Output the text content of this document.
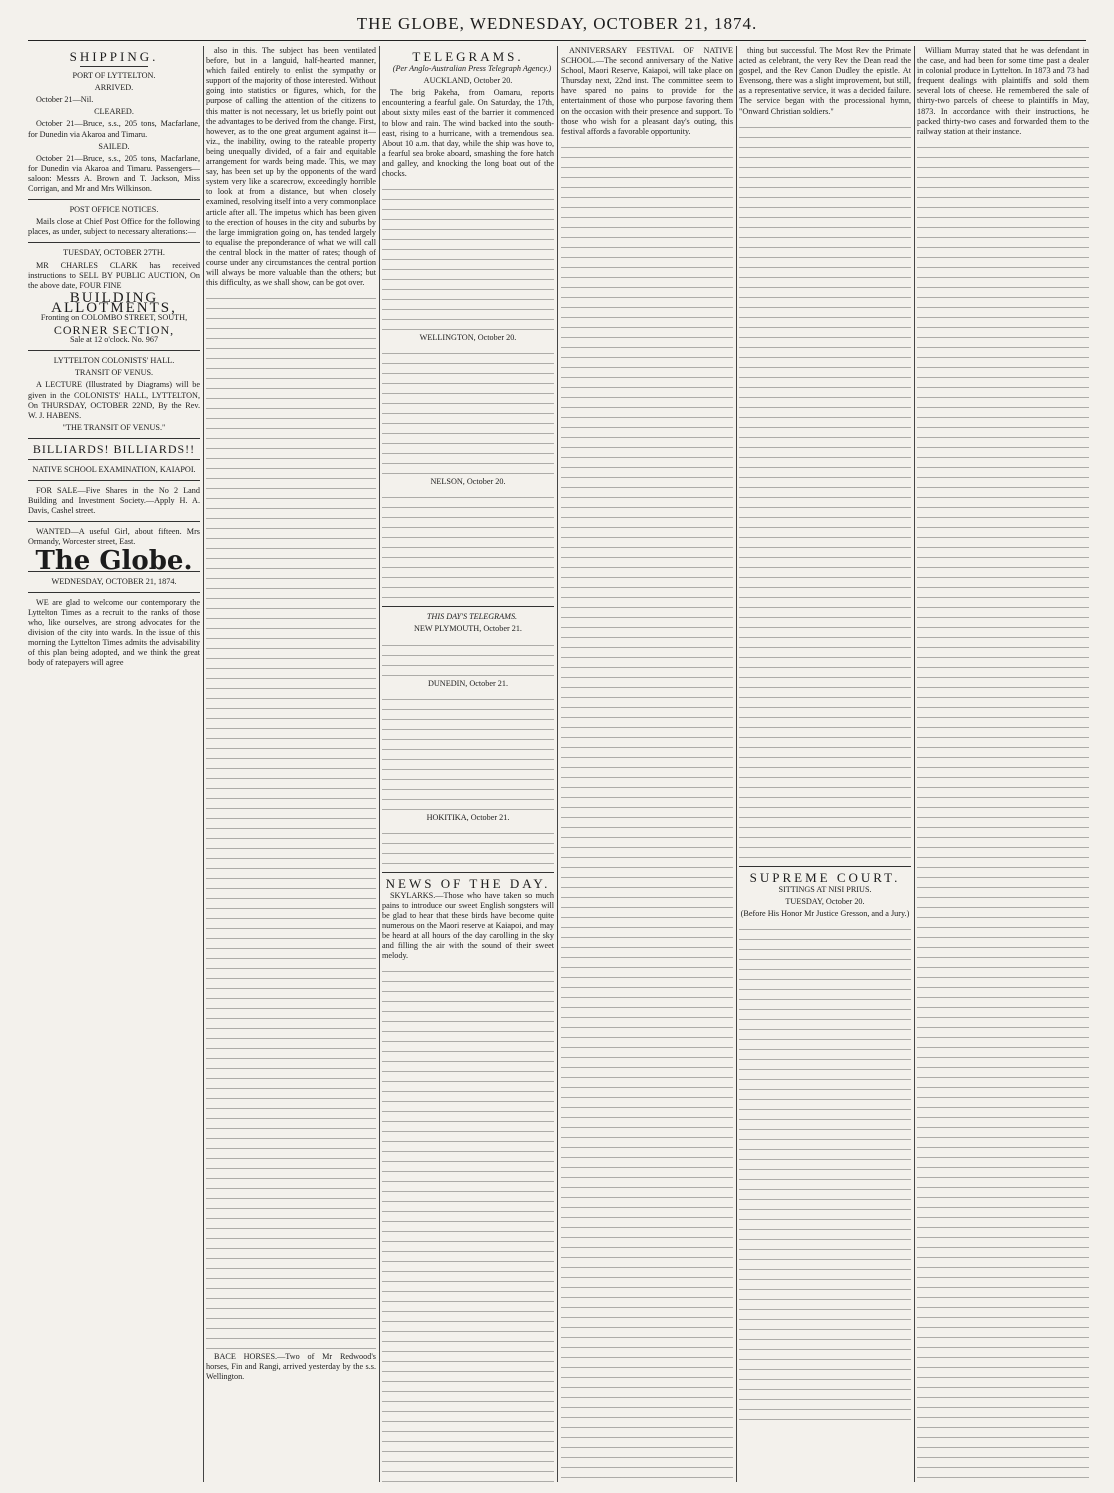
THE GLOBE, WEDNESDAY, OCTOBER 21, 1874.
SHIPPING.

PORT OF LYTTELTON.

ARRIVED.

October 21—Nil.

CLEARED.

October 21—Bruce, s.s., 205 tons, Macfarlane, for Dunedin via Akaroa and Timaru.

SAILED.

October 21—Bruce, s.s., 205 tons, Macfarlane, for Dunedin via Akaroa and Timaru. Passengers—saloon: Messrs A. Brown and T. Jackson, Miss Corrigan, and Mr and Mrs Wilkinson.

POST OFFICE NOTICES.

Mails close at Chief Post Office for the following places, as under, subject to necessary alterations:—

TUESDAY, OCTOBER 27TH.

MR CHARLES CLARK has received instructions to SELL BY PUBLIC AUCTION, On the above date, FOUR FINE

BUILDING ALLOTMENTS,

Fronting on COLOMBO STREET, SOUTH,

CORNER SECTION,

Sale at 12 o'clock. No. 967

LYTTELTON COLONISTS' HALL.

TRANSIT OF VENUS.

A LECTURE (Illustrated by Diagrams) will be given in the COLONISTS' HALL, LYTTELTON, On THURSDAY, OCTOBER 22ND, By the Rev. W. J. HABENS.

"THE TRANSIT OF VENUS."

BILLIARDS! BILLIARDS!!

NATIVE SCHOOL EXAMINATION, KAIAPOI.

FOR SALE—Five Shares in the No 2 Land Building and Investment Society.—Apply H. A. Davis, Cashel street.

WANTED—A useful Girl, about fifteen. Mrs Ormandy, Worcester street, East.

The Globe.

WEDNESDAY, OCTOBER 21, 1874.

WE are glad to welcome our contemporary the Lyttelton Times as a recruit to the ranks of those who, like ourselves, are strong advocates for the division of the city into wards. In the issue of this morning the Lyttelton Times admits the advisability of this plan being adopted, and we think the great body of ratepayers will agree

also in this. The subject has been ventilated before, but in a languid, half-hearted manner, which failed entirely to enlist the sympathy or support of the majority of those interested. Without going into statistics or figures, which, for the purpose of calling the attention of the citizens to this matter is not necessary, let us briefly point out the advantages to be derived from the change. First, however, as to the one great argument against it—viz., the inability, owing to the rateable property being unequally divided, of a fair and equitable arrangement for wards being made. This, we may say, has been set up by the opponents of the ward system very like a scarecrow, exceedingly horrible to look at from a distance, but when closely examined, resolving itself into a very commonplace article after all. The impetus which has been given to the erection of houses in the city and suburbs by the large immigration going on, has tended largely to equalise the preponderance of what we will call the central block in the matter of rates; though of course under any circumstances the central portion will always be more valuable than the others; but this difficulty, as we shall show, can be got over.

BACE HORSES.—Two of Mr Redwood's horses, Fin and Rangi, arrived yesterday by the s.s. Wellington.

TELEGRAMS.

(Per Anglo-Australian Press Telegraph Agency.)

AUCKLAND, October 20.

The brig Pakeha, from Oamaru, reports encountering a fearful gale. On Saturday, the 17th, about sixty miles east of the barrier it commenced to blow and rain. The wind backed into the south-east, rising to a hurricane, with a tremendous sea. About 10 a.m. that day, while the ship was hove to, a fearful sea broke aboard, smashing the fore hatch and galley, and knocking the long boat out of the chocks.

WELLINGTON, October 20.

NELSON, October 20.

THIS DAY'S TELEGRAMS.

NEW PLYMOUTH, October 21.

DUNEDIN, October 21.

HOKITIKA, October 21.

NEWS OF THE DAY.

SKYLARKS.—Those who have taken so much pains to introduce our sweet English songsters will be glad to hear that these birds have become quite numerous on the Maori reserve at Kaiapoi, and may be heard at all hours of the day carolling in the sky and filling the air with the sound of their sweet melody.

ANNIVERSARY FESTIVAL OF NATIVE SCHOOL.—The second anniversary of the Native School, Maori Reserve, Kaiapoi, will take place on Thursday next, 22nd inst. The committee seem to have spared no pains to provide for the entertainment of those who purpose favoring them on the occasion with their presence and support. To those who wish for a pleasant day's outing, this festival affords a favorable opportunity.

thing but successful. The Most Rev the Primate acted as celebrant, the very Rev the Dean read the gospel, and the Rev Canon Dudley the epistle. At Evensong, there was a slight improvement, but still, as a representative service, it was a decided failure. The service began with the processional hymn, "Onward Christian soldiers."

SUPREME COURT.

SITTINGS AT NISI PRIUS.

TUESDAY, October 20.

(Before His Honor Mr Justice Gresson, and a Jury.)

William Murray stated that he was defendant in the case, and had been for some time past a dealer in colonial produce in Lyttelton. In 1873 and 73 had frequent dealings with plaintiffs and sold them several lots of cheese. He remembered the sale of thirty-two parcels of cheese to plaintiffs in May, 1873. In accordance with their instructions, he packed thirty-two cases and forwarded them to the railway station at their instance.
